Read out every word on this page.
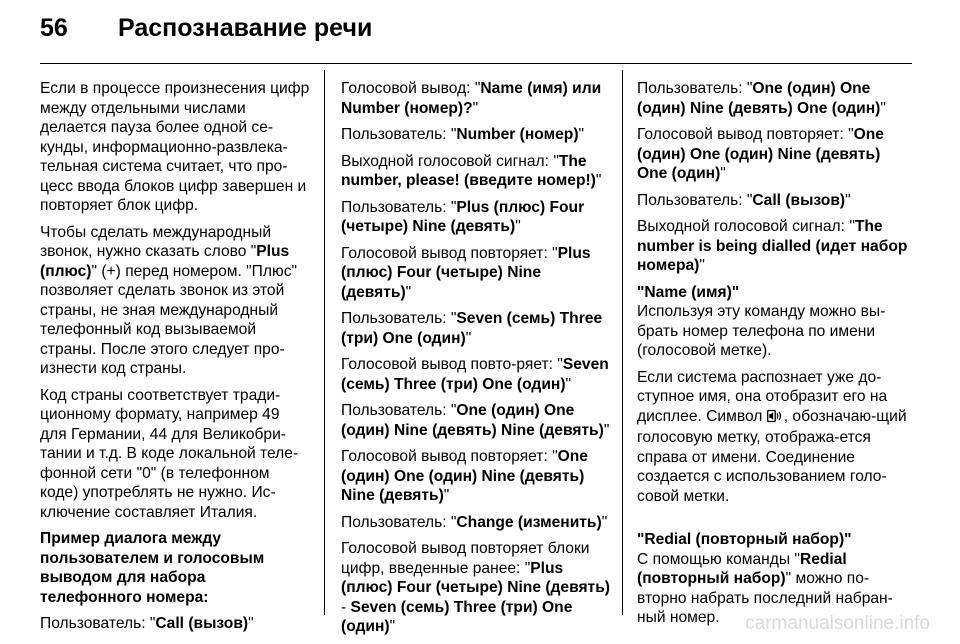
56	Распознавание речи

Если в процессе произнесения цифр между отдельными числами делается пауза более одной се-кунды, информационно-развлека-тельная система считает, что про-цесс ввода блоков цифр завершен и повторяет блок цифр.

Чтобы сделать международный звонок, нужно сказать слово "Plus (плюс)" (+) перед номером. "Плюс" позволяет сделать звонок из этой страны, не зная международный телефонный код вызываемой страны. После этого следует про-изнести код страны.

Код страны соответствует тради-ционному формату, например 49 для Германии, 44 для Великобри-тании и т.д. В коде локальной теле-фонной сети "0" (в телефонном коде) употреблять не нужно. Ис-ключение составляет Италия.

Пример диалога между пользователем и голосовым выводом для набора телефонного номера:

Пользователь: "Call (вызов)"

Голосовой вывод: "Name (имя) или Number (номер)?"

Пользователь: "Number (номер)"

Выходной голосовой сигнал: "The number, please! (введите номер!)"

Пользователь: "Plus (плюс) Four (четыре) Nine (девять)"

Голосовой вывод повторяет: "Plus (плюс) Four (четыре) Nine (девять)"

Пользователь: "Seven (семь) Three (три) One (один)"

Голосовой вывод повто-ряет: "Seven (семь) Three (три) One (один)"

Пользователь: "One (один) One (один) Nine (девять) Nine (девять)"

Голосовой вывод повторяет: "One (один) One (один) Nine (девять) Nine (девять)"

Пользователь: "Change (изменить)"

Голосовой вывод повторяет блоки цифр, введенные ранее: "Plus (плюс) Four (четыре) Nine (девять) - Seven (семь) Three (три) One (один)"

Пользователь: "One (один) One (один) Nine (девять) One (один)"

Голосовой вывод повторяет: "One (один) One (один) Nine (девять) One (один)"

Пользователь: "Call (вызов)"

Выходной голосовой сигнал: "The number is being dialled (идет набор номера)"

"Name (имя)"

Используя эту команду можно вы-брать номер телефона по имени (голосовой метке).

Если система распознает уже до-ступное имя, она отобразит его на дисплее. Символ , обозначаю-щий голосовую метку, отобража-ется справа от имени. Соединение создается с использованием голо-совой метки.

"Redial (повторный набор)"

С помощью команды "Redial (повторный набор)" можно по-вторно набрать последний набран-ный номер.	carmanualsonline.info
